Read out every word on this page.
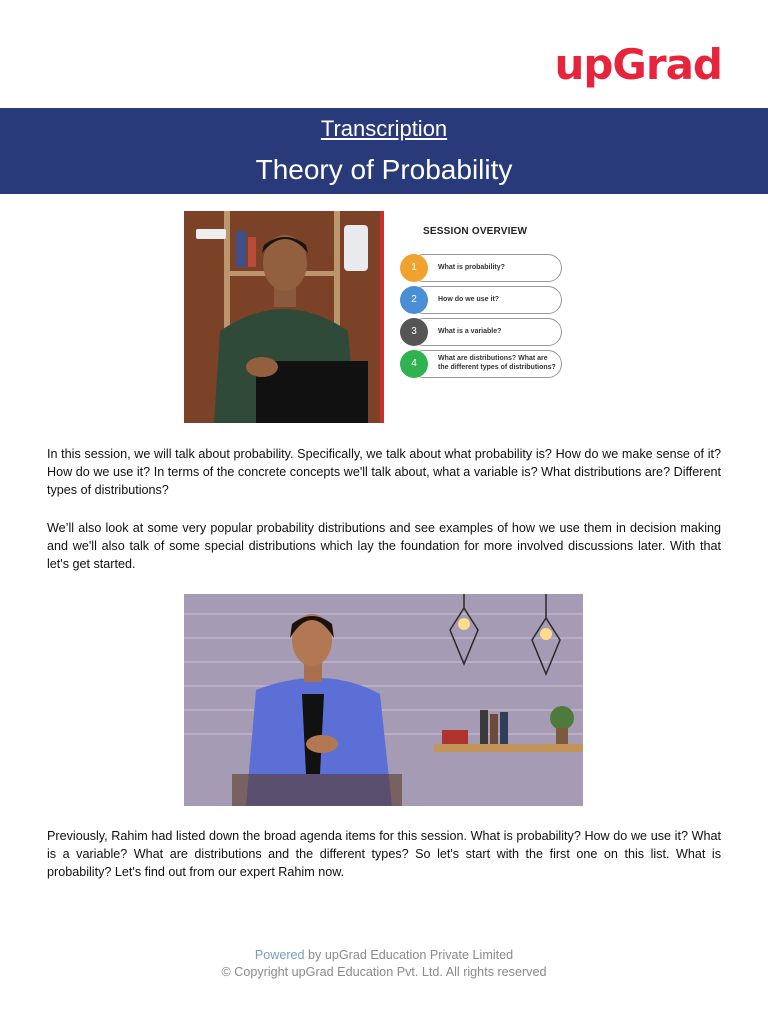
upGrad
Transcription
Theory of Probability
SESSION OVERVIEW
1	What is probability?
2	How do we use it?
3	What is a variable?
4	What are distributions? What are the different types of distributions?

In this session, we will talk about probability. Specifically, we talk about what probability is? How do we make sense of it? How do we use it? In terms of the concrete concepts we'll talk about, what a variable is? What distributions are? Different types of distributions?

We’ll also look at some very popular probability distributions and see examples of how we use them in decision making and we'll also talk of some special distributions which lay the foundation for more involved discussions later. With that let's get started.

Previously, Rahim had listed down the broad agenda items for this session. What is probability? How do we use it? What is a variable? What are distributions and the different types? So let's start with the first one on this list. What is probability? Let's find out from our expert Rahim now.

Powered by upGrad Education Private Limited
© Copyright upGrad Education Pvt. Ltd. All rights reserved
